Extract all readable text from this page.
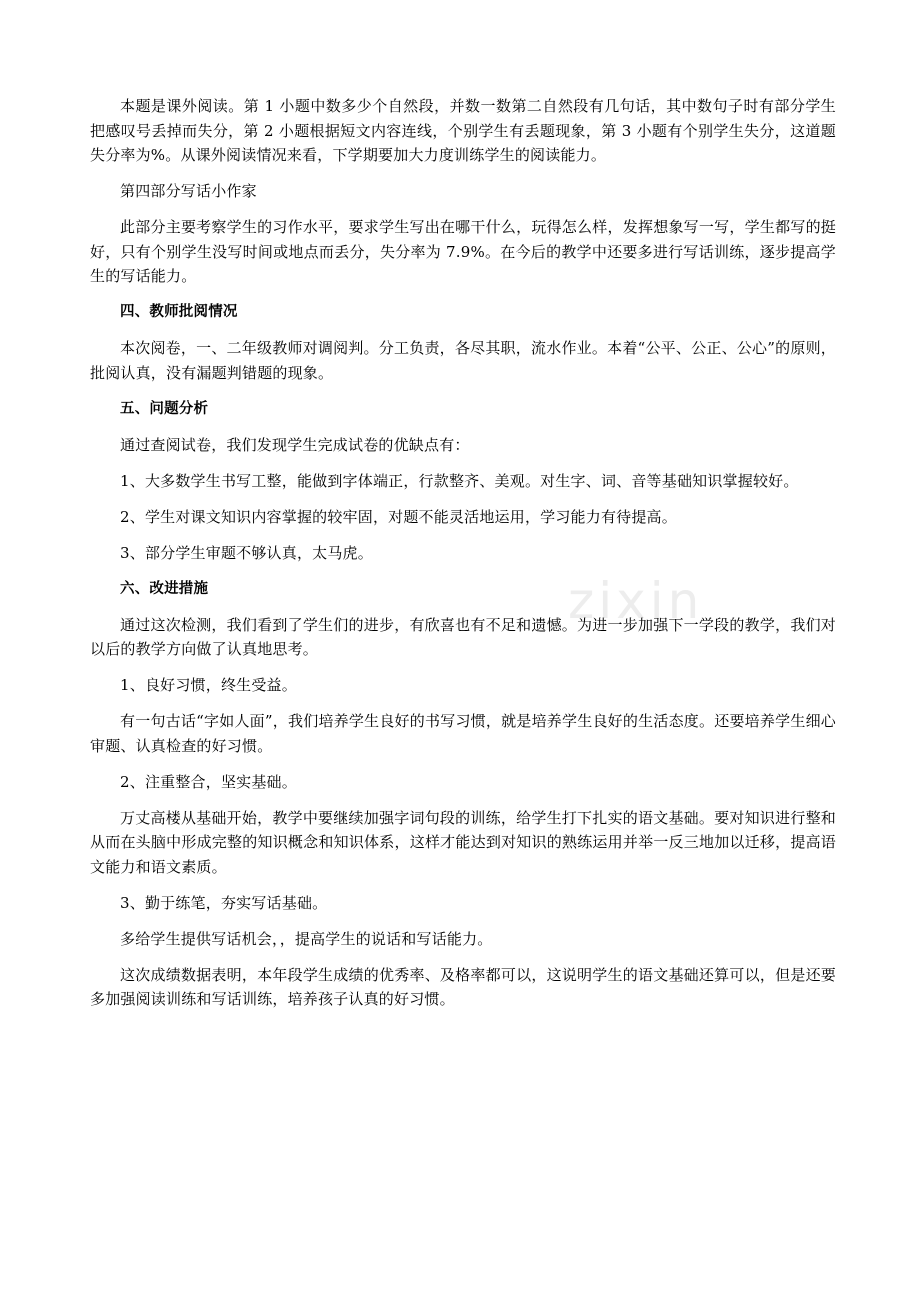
本题是课外阅读。第 1 小题中数多少个自然段，并数一数第二自然段有几句话，其中数句子时有部分学生把感叹号丢掉而失分，第 2 小题根据短文内容连线，个别学生有丢题现象，第 3 小题有个别学生失分，这道题失分率为%。从课外阅读情况来看，下学期要加大力度训练学生的阅读能力。

第四部分写话小作家

此部分主要考察学生的习作水平，要求学生写出在哪干什么，玩得怎么样，发挥想象写一写，学生都写的挺好，只有个别学生没写时间或地点而丢分，失分率为 7.9%。在今后的教学中还要多进行写话训练，逐步提高学生的写话能力。

四、教师批阅情况

本次阅卷，一、二年级教师对调阅判。分工负责，各尽其职，流水作业。本着“公平、公正、公心”的原则，批阅认真，没有漏题判错题的现象。

五、问题分析

通过查阅试卷，我们发现学生完成试卷的优缺点有：

1、大多数学生书写工整，能做到字体端正，行款整齐、美观。对生字、词、音等基础知识掌握较好。

2、学生对课文知识内容掌握的较牢固，对题不能灵活地运用，学习能力有待提高。

3、部分学生审题不够认真，太马虎。

六、改进措施

通过这次检测，我们看到了学生们的进步，有欣喜也有不足和遗憾。为进一步加强下一学段的教学，我们对以后的教学方向做了认真地思考。

1、良好习惯，终生受益。

有一句古话“字如人面”，我们培养学生良好的书写习惯，就是培养学生良好的生活态度。还要培养学生细心审题、认真检查的好习惯。

2、注重整合，坚实基础。

万丈高楼从基础开始，教学中要继续加强字词句段的训练，给学生打下扎实的语文基础。要对知识进行整和从而在头脑中形成完整的知识概念和知识体系，这样才能达到对知识的熟练运用并举一反三地加以迁移，提高语文能力和语文素质。

3、勤于练笔，夯实写话基础。

多给学生提供写话机会，，提高学生的说话和写话能力。

这次成绩数据表明，本年段学生成绩的优秀率、及格率都可以，这说明学生的语文基础还算可以，但是还要多加强阅读训练和写话训练，培养孩子认真的好习惯。

zixin
